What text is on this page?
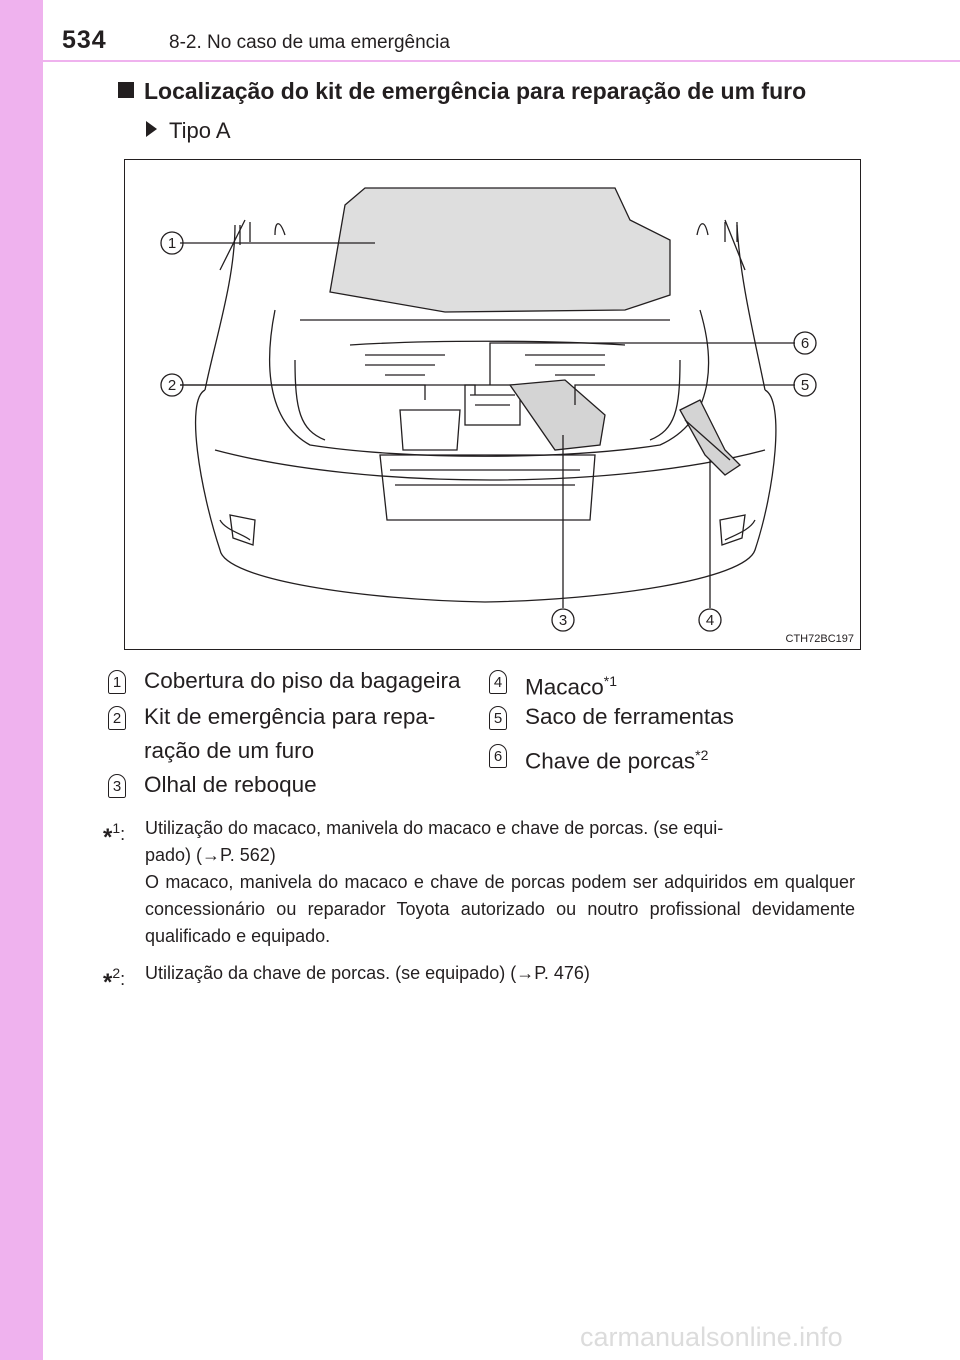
534	8-2. No caso de uma emergência
Localização do kit de emergência para reparação de um furo
Tipo A
1
2
3	4
5
6
CTH72BC197
1 Cobertura do piso da bagageira
2 Kit de emergência para repa-
ração de um furo
3 Olhal de reboque
4 Macaco$^{*1}$
5 Saco de ferramentas
6 Chave de porcas$^{*2}$
*$^1$: Utilização do macaco, manivela do macaco e chave de porcas. (se equi-
pado) (→P. 562)
O macaco, manivela do macaco e chave de porcas podem ser adquiridos em qualquer concessionário ou reparador Toyota autorizado ou noutro profissional devidamente qualificado e equipado.
*$^2$: Utilização da chave de porcas. (se equipado) (→P. 476)
carmanualsonline.info
